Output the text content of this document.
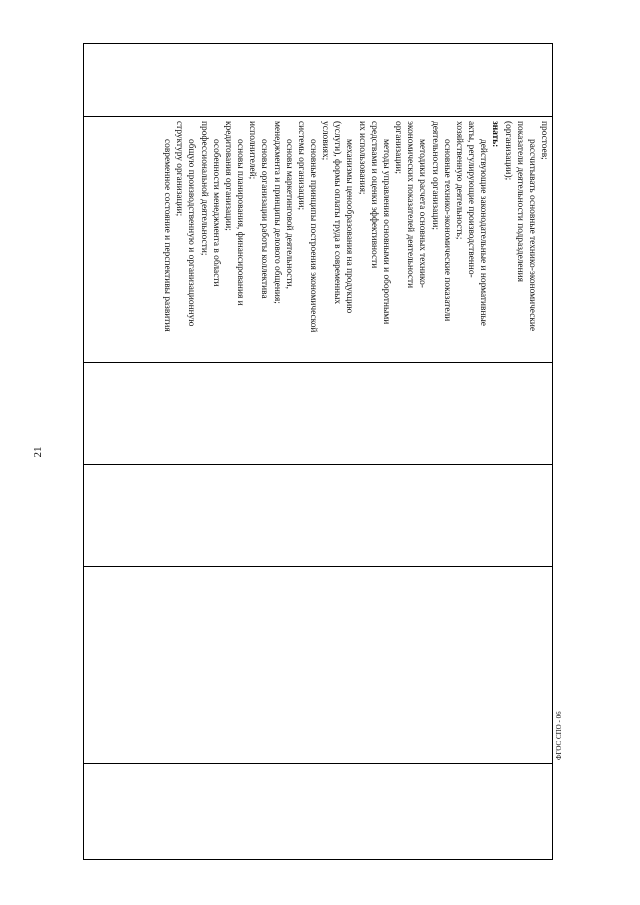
21
ФГОС СПО - 06

простоев;
рассчитывать основные технико-экономические
показатели деятельности подразделения
(организации);
знать:
действующие законодательные и нормативные
акты, регулирующие производственно-
хозяйственную деятельность;
основные технико-экономические показатели
деятельности организации;
методики расчета основных технико-
экономических показателей деятельности
организации;
методы управления основными и оборотными
средствами и оценки эффективности
их использования;
механизмы ценообразования на продукцию
(услуги), формы оплаты труда в современных
условиях;
основные принципы построения экономической
системы организации;
основы маркетинговой деятельности,
менеджмента и принципы делового общения;
основы организации работы коллектива
исполнителей;
основы планирования, финансирования и
кредитования организации;
особенности менеджмента в области
профессиональной деятельности;
общую производственную и организационную
структуру организации;
современное состояние и перспективы развития
